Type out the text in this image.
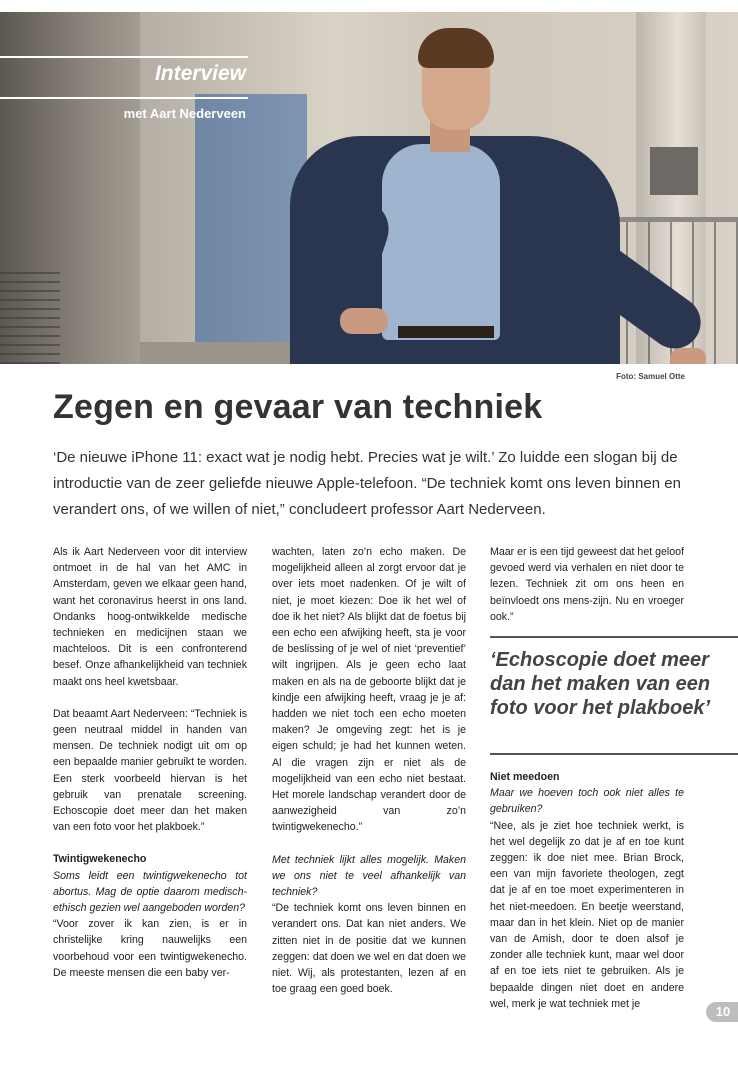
Interview
met Aart Nederveen
Foto: Samuel Otte
Zegen en gevaar van techniek

‘De nieuwe iPhone 11: exact wat je nodig hebt. Precies wat je wilt.’ Zo luidde een slogan bij de introductie van de zeer geliefde nieuwe Apple-telefoon. “De techniek komt ons leven binnen en verandert ons, of we willen of niet,” concludeert professor Aart Nederveen.

Als ik Aart Nederveen voor dit interview ontmoet in de hal van het AMC in Amsterdam, geven we elkaar geen hand, want het coronavirus heerst in ons land. Ondanks hoog-ontwikkelde medische technieken en medicijnen staan we machteloos. Dit is een confronterend besef. Onze afhankelijkheid van techniek maakt ons heel kwetsbaar.

Dat beaamt Aart Nederveen: “Techniek is geen neutraal middel in handen van mensen. De techniek nodigt uit om op een bepaalde manier gebruikt te worden. Een sterk voorbeeld hiervan is het gebruik van prenatale screening. Echoscopie doet meer dan het maken van een foto voor het plakboek.”

Twintigwekenecho

Soms leidt een twintigwekenecho tot abortus. Mag de optie daarom medisch-ethisch gezien wel aangeboden worden?

“Voor zover ik kan zien, is er in christelijke kring nauwelijks een voorbehoud voor een twintigwekenecho. De meeste mensen die een baby ver-

wachten, laten zo’n echo maken. De mogelijkheid alleen al zorgt ervoor dat je over iets moet nadenken. Of je wilt of niet, je moet kiezen: Doe ik het wel of doe ik het niet? Als blijkt dat de foetus bij een echo een afwijking heeft, sta je voor de beslissing of je wel of niet ‘preventief’ wilt ingrijpen. Als je geen echo laat maken en als na de geboorte blijkt dat je kindje een afwijking heeft, vraag je je af: hadden we niet toch een echo moeten maken? Je omgeving zegt: het is je eigen schuld; je had het kunnen weten. Al die vragen zijn er niet als de mogelijkheid van een echo niet bestaat. Het morele landschap verandert door de aanwezigheid van zo’n twintigwekenecho.”

Met techniek lijkt alles mogelijk. Maken we ons niet te veel afhankelijk van techniek?

“De techniek komt ons leven binnen en verandert ons. Dat kan niet anders. We zitten niet in de positie dat we kunnen zeggen: dat doen we wel en dat doen we niet. Wij, als protestanten, lezen af en toe graag een goed boek.

Maar er is een tijd geweest dat het geloof gevoed werd via verhalen en niet door te lezen. Techniek zit om ons heen en beïnvloedt ons mens-zijn. Nu en vroeger ook.”

‘Echoscopie doet meer dan het maken van een foto voor het plakboek’

Niet meedoen

Maar we hoeven toch ook niet alles te gebruiken?

“Nee, als je ziet hoe techniek werkt, is het wel degelijk zo dat je af en toe kunt zeggen: ik doe niet mee. Brian Brock, een van mijn favoriete theologen, zegt dat je af en toe moet experimenteren in het niet-meedoen. En beetje weerstand, maar dan in het klein. Niet op de manier van de Amish, door te doen alsof je zonder alle techniek kunt, maar wel door af en toe iets niet te gebruiken. Als je bepaalde dingen niet doet en andere wel, merk je wat techniek met je

10
